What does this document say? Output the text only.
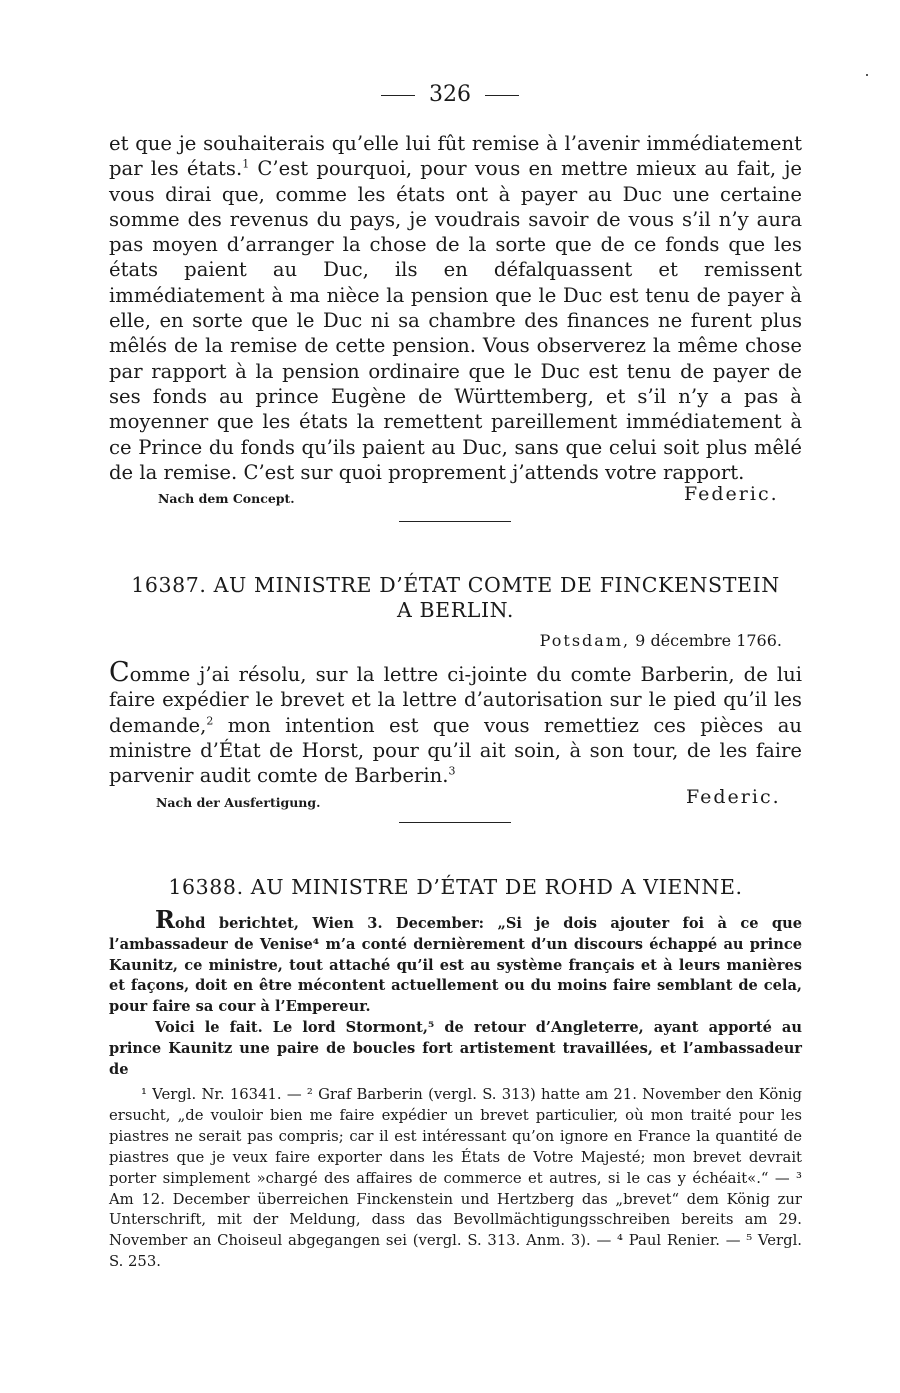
326

et que je souhaiterais qu’elle lui fût remise à l’avenir immédiatement par les états.$^1$ C’est pourquoi, pour vous en mettre mieux au fait, je vous dirai que, comme les états ont à payer au Duc une certaine somme des revenus du pays, je voudrais savoir de vous s’il n’y aura pas moyen d’arranger la chose de la sorte que de ce fonds que les états paient au Duc, ils en défalquassent et remissent immédiatement à ma nièce la pension que le Duc est tenu de payer à elle, en sorte que le Duc ni sa chambre des finances ne furent plus mêlés de la remise de cette pension. Vous observerez la même chose par rapport à la pension ordinaire que le Duc est tenu de payer de ses fonds au prince Eugène de Württemberg, et s’il n’y a pas à moyenner que les états la remettent pareillement immédiatement à ce Prince du fonds qu’ils paient au Duc, sans que celui soit plus mêlé de la remise. C’est sur quoi proprement j’attends votre rapport.

Nach dem Concept.	Federic.

16387. AU MINISTRE D’ÉTAT COMTE DE FINCKENSTEIN
A BERLIN.

Potsdam, 9 décembre 1766.

Comme j’ai résolu, sur la lettre ci-jointe du comte Barberin, de lui faire expédier le brevet et la lettre d’autorisation sur le pied qu’il les demande,$^2$ mon intention est que vous remettiez ces pièces au ministre d’État de Horst, pour qu’il ait soin, à son tour, de les faire parvenir audit comte de Barberin.$^3$

Nach der Ausfertigung.	Federic.

16388. AU MINISTRE D’ÉTAT DE ROHD A VIENNE.

Rohd berichtet, Wien 3. December: „Si je dois ajouter foi à ce que l’ambassadeur de Venise⁴ m’a conté dernièrement d’un discours échappé au prince Kaunitz, ce ministre, tout attaché qu’il est au système français et à leurs manières et façons, doit en être mécontent actuellement ou du moins faire semblant de cela, pour faire sa cour à l’Empereur.

Voici le fait. Le lord Stormont,⁵ de retour d’Angleterre, ayant apporté au prince Kaunitz une paire de boucles fort artistement travaillées, et l’ambassadeur de

¹ Vergl. Nr. 16341. — ² Graf Barberin (vergl. S. 313) hatte am 21. November den König ersucht, „de vouloir bien me faire expédier un brevet particulier, où mon traité pour les piastres ne serait pas compris; car il est intéressant qu’on ignore en France la quantité de piastres que je veux faire exporter dans les États de Votre Majesté; mon brevet devrait porter simplement »chargé des affaires de commerce et autres, si le cas y échéait«.“ — ³ Am 12. December überreichen Finckenstein und Hertzberg das „brevet“ dem König zur Unterschrift, mit der Meldung, dass das Bevollmächtigungsschreiben bereits am 29. November an Choiseul abgegangen sei (vergl. S. 313. Anm. 3). — ⁴ Paul Renier. — ⁵ Vergl. S. 253.
